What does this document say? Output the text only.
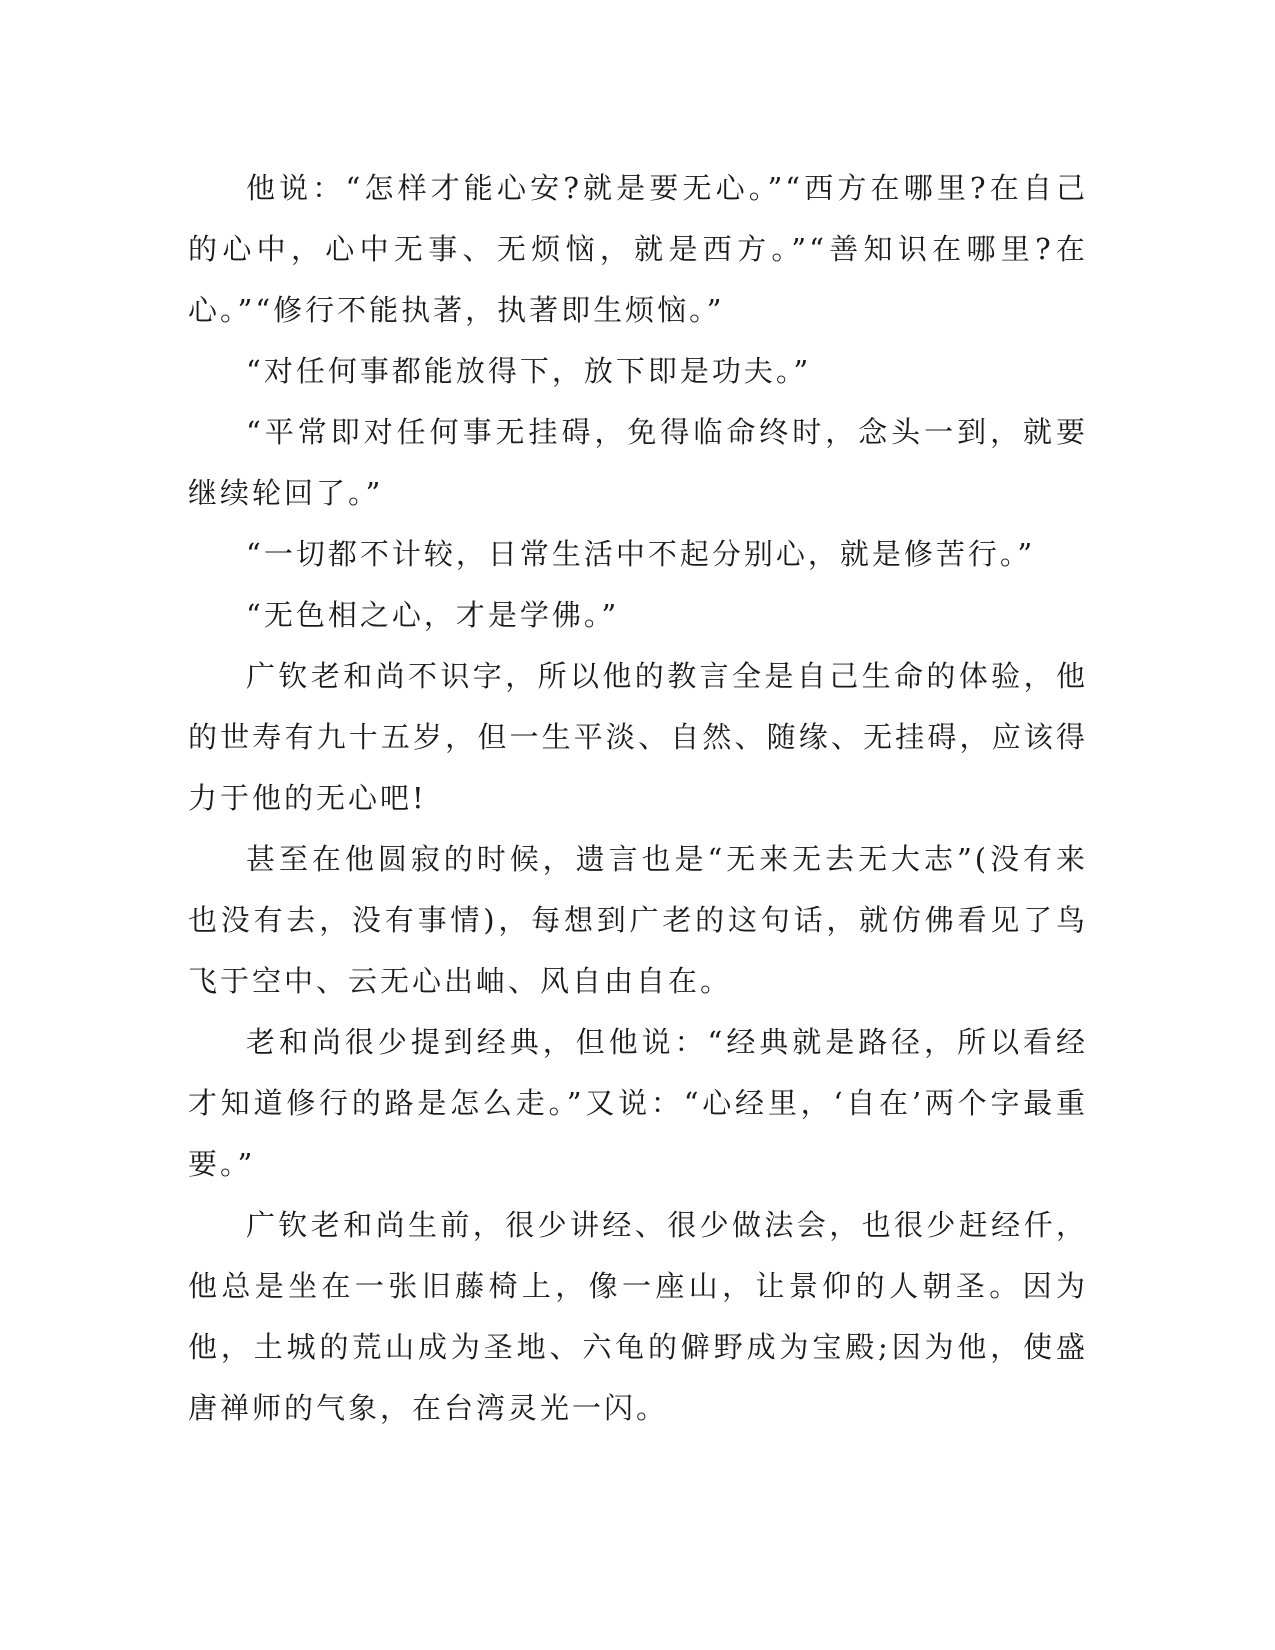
他说：“怎样才能心安?就是要无心。”“西方在哪里?在自己的心中，心中无事、无烦恼，就是西方。”“善知识在哪里?在心。”“修行不能执著，执著即生烦恼。”

“对任何事都能放得下，放下即是功夫。”

“平常即对任何事无挂碍，免得临命终时，念头一到，就要继续轮回了。”

“一切都不计较，日常生活中不起分别心，就是修苦行。”

“无色相之心，才是学佛。”

广钦老和尚不识字，所以他的教言全是自己生命的体验，他的世寿有九十五岁，但一生平淡、自然、随缘、无挂碍，应该得力于他的无心吧!

甚至在他圆寂的时候，遗言也是“无来无去无大志”(没有来也没有去，没有事情)，每想到广老的这句话，就仿佛看见了鸟飞于空中、云无心出岫、风自由自在。

老和尚很少提到经典，但他说：“经典就是路径，所以看经才知道修行的路是怎么走。”又说：“心经里，‘自在’两个字最重要。”

广钦老和尚生前，很少讲经、很少做法会，也很少赶经仟，他总是坐在一张旧藤椅上，像一座山，让景仰的人朝圣。因为他，土城的荒山成为圣地、六龟的僻野成为宝殿;因为他，使盛唐禅师的气象，在台湾灵光一闪。
